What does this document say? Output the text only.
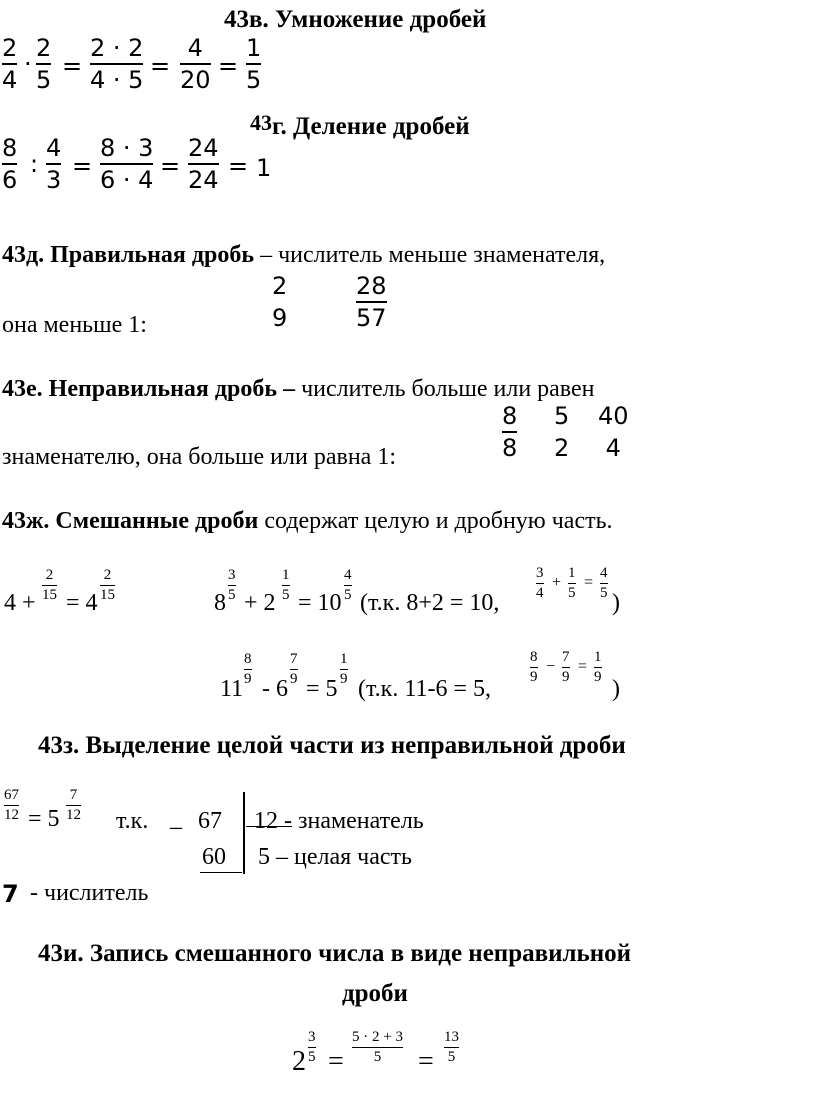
43в. Умножение дробей
2
4
·
2
5 =
2 · 2
4 · 5 =
4
20 =
1
5
43г. Деление дробей
8
6
:
4
3 =
8 · 3
6 · 4 =
24
24 = 1
43д. Правильная дробь – числитель меньше знаменателя,
она меньше 1:
2
9
28
57
43е. Неправильная дробь – числитель больше или равен
знаменателю, она больше или равна 1:
8
8
5
2
40
4
43ж. Смешанные дроби содержат целую и дробную часть.
4 +
2
15 = 4
2
15	8
3
5 + 2
1
5 = 10
4
5 (т.к. 8+2 = 10,
3
4
+
1
5
=
4
5 )
11
8
9 - 6
7
9 = 5
1
9 (т.к. 11-6 = 5,
8
9
−
7
9
=
1
9 )
43з. Выделение целой части из неправильной дроби
67
12 = 5
7
12 т.к. _ 67 12 - знаменатель
60 5 – целая часть
7 - числитель
43и. Запись смешанного числа в виде неправильной
дроби
2
3
5 =
5 · 2 + 3
5	=
13
5
